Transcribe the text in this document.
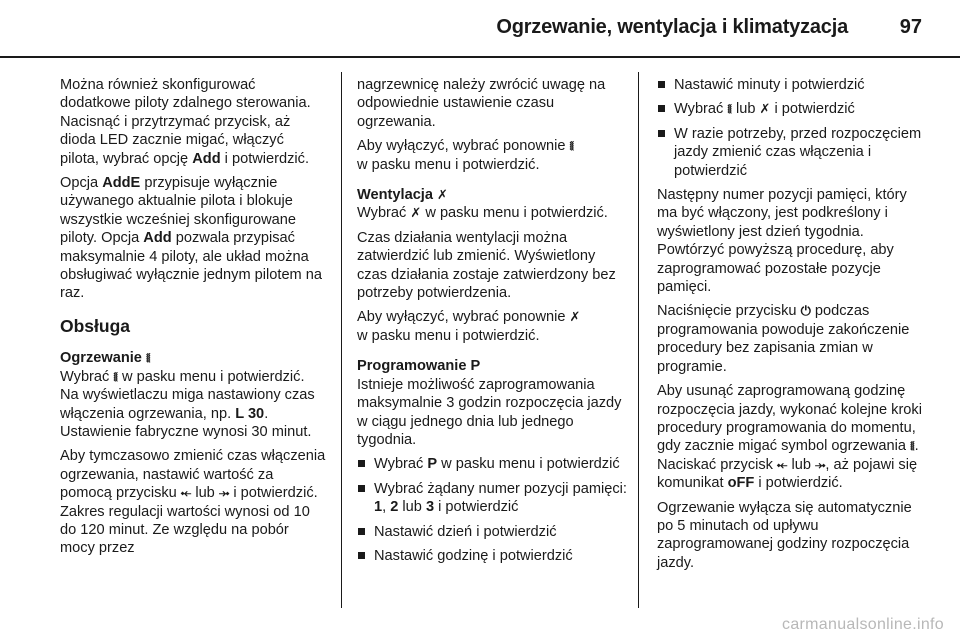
Ogrzewanie, wentylacja i klimatyzacja	97

Można również skonfigurować dodatkowe piloty zdalnego sterowania. Nacisnąć i przytrzymać przycisk, aż dioda LED zacznie migać, włączyć pilota, wybrać opcję Add i potwierdzić.

Opcja AddE przypisuje wyłącznie używanego aktualnie pilota i blokuje wszystkie wcześniej skonfigurowane piloty. Opcja Add pozwala przypisać maksymalnie 4 piloty, ale układ można obsługiwać wyłącznie jednym pilotem na raz.

Obsługa
Ogrzewanie ⧛

Wybrać ⧛ w pasku menu i potwierdzić. Na wyświetlaczu miga nastawiony czas włączenia ogrzewania, np. L 30. Ustawienie fabryczne wynosi 30 minut.

Aby tymczasowo zmienić czas włączenia ogrzewania, nastawić wartość za pomocą przycisku ⤝ lub ⤞ i potwierdzić. Zakres regulacji wartości wynosi od 10 do 120 minut. Ze względu na pobór mocy przez

nagrzewnicę należy zwrócić uwagę na odpowiednie ustawienie czasu ogrzewania.

Aby wyłączyć, wybrać ponownie ⧛
w pasku menu i potwierdzić.

Wentylacja ✗

Wybrać ✗ w pasku menu i potwierdzić.

Czas działania wentylacji można zatwierdzić lub zmienić. Wyświetlony czas działania zostaje zatwierdzony bez potrzeby potwierdzenia.

Aby wyłączyć, wybrać ponownie ✗
w pasku menu i potwierdzić.

Programowanie P

Istnieje możliwość zaprogramowania maksymalnie 3 godzin rozpoczęcia jazdy w ciągu jednego dnia lub jednego tygodnia.

Wybrać P w pasku menu i potwierdzić
Wybrać żądany numer pozycji pamięci: 1, 2 lub 3 i potwierdzić
Nastawić dzień i potwierdzić
Nastawić godzinę i potwierdzić
Nastawić minuty i potwierdzić
Wybrać ⧛ lub ✗ i potwierdzić
W razie potrzeby, przed rozpoczęciem jazdy zmienić czas włączenia i potwierdzić

Następny numer pozycji pamięci, który ma być włączony, jest podkreślony i wyświetlony jest dzień tygodnia. Powtórzyć powyższą procedurę, aby zaprogramować pozostałe pozycje pamięci.

Naciśnięcie przycisku ⏻ podczas programowania powoduje zakończenie procedury bez zapisania zmian w programie.

Aby usunąć zaprogramowaną godzinę rozpoczęcia jazdy, wykonać kolejne kroki procedury programowania do momentu, gdy zacznie migać symbol ogrzewania ⧛. Naciskać przycisk ⤝ lub ⤞, aż pojawi się komunikat oFF i potwierdzić.

Ogrzewanie wyłącza się automatycznie po 5 minutach od upływu zaprogramowanej godziny rozpoczęcia jazdy.

carmanualsonline.info
